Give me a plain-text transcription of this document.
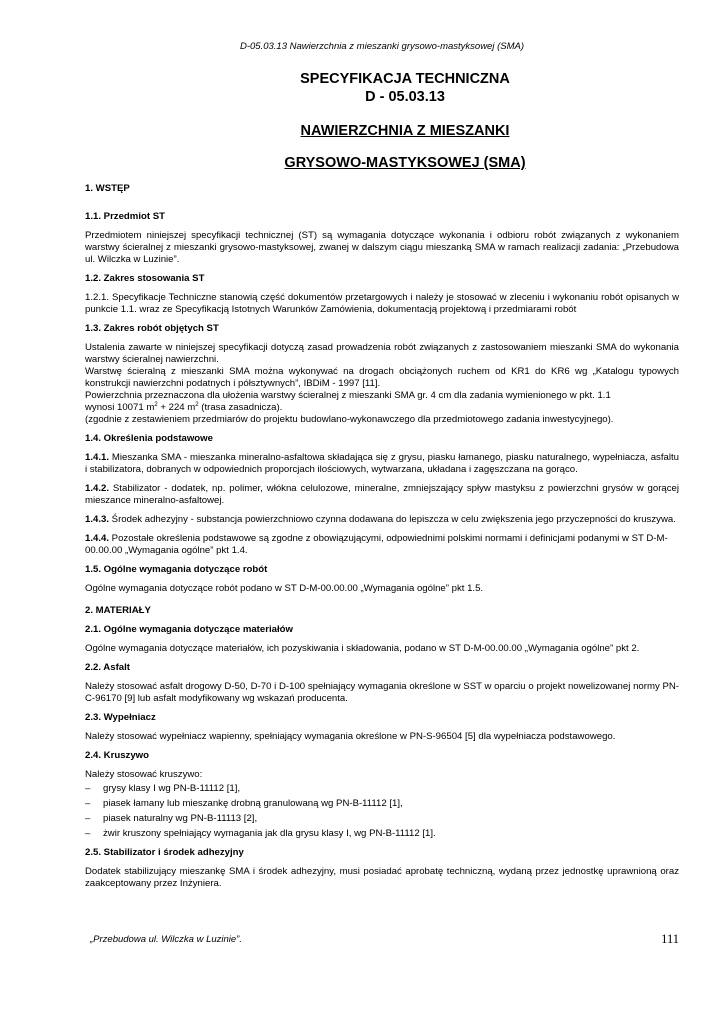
D-05.03.13 Nawierzchnia z mieszanki grysowo-mastyksowej (SMA)
SPECYFIKACJA TECHNICZNA
D - 05.03.13
NAWIERZCHNIA Z MIESZANKI
GRYSOWO-MASTYKSOWEJ (SMA)

1. WSTĘP

1.1. Przedmiot ST

Przedmiotem niniejszej specyfikacji technicznej (ST) są wymagania dotyczące wykonania i odbioru robót związanych z wykonaniem warstwy ścieralnej z mieszanki grysowo-mastyksowej, zwanej w dalszym ciągu mieszanką SMA w ramach realizacji zadania: „Przebudowa ul. Wilczka w Luzinie”.

1.2. Zakres stosowania ST

1.2.1. Specyfikacje Techniczne stanowią część dokumentów przetargowych i należy je stosować w zleceniu i wykonaniu robót opisanych w punkcie 1.1. wraz ze Specyfikacją Istotnych Warunków Zamówienia, dokumentacją projektową i przedmiarami robót

1.3. Zakres robót objętych ST

Ustalenia zawarte w niniejszej specyfikacji dotyczą zasad prowadzenia robót związanych z zastosowaniem mieszanki SMA do wykonania warstwy ścieralnej nawierzchni.

Warstwę ścieralną z mieszanki SMA można wykonywać na drogach obciążonych ruchem od KR1 do KR6 wg „Katalogu typowych konstrukcji nawierzchni podatnych i półsztywnych”, IBDiM - 1997 [11].

Powierzchnia przeznaczona dla ułożenia warstwy ścieralnej z mieszanki SMA gr. 4 cm dla zadania wymienionego w pkt. 1.1

wynosi 10071 $m^2 + 224$ $m^2$ (trasa zasadnicza).

(zgodnie z zestawieniem przedmiarów do projektu budowlano-wykonawczego dla przedmiotowego zadania inwestycyjnego).

1.4. Określenia podstawowe

1.4.1. Mieszanka SMA - mieszanka mineralno-asfaltowa składająca się z grysu, piasku łamanego, piasku naturalnego, wypełniacza, asfaltu i stabilizatora, dobranych w odpowiednich proporcjach ilościowych, wytwarzana, układana i zagęszczana na gorąco.

1.4.2. Stabilizator - dodatek, np. polimer, włókna celulozowe, mineralne, zmniejszający spływ mastyksu z powierzchni grysów w gorącej mieszance mineralno-asfaltowej.

1.4.3. Środek adhezyjny - substancja powierzchniowo czynna dodawana do lepiszcza w celu zwiększenia jego przyczepności do kruszywa.

1.4.4. Pozostałe określenia podstawowe są zgodne z obowiązującymi, odpowiednimi polskimi normami i definicjami podanymi w ST D-M-00.00.00 „Wymagania ogólne” pkt 1.4.

1.5. Ogólne wymagania dotyczące robót

Ogólne wymagania dotyczące robót podano w ST D-M-00.00.00 „Wymagania ogólne” pkt 1.5.

2. MATERIAŁY

2.1. Ogólne wymagania dotyczące materiałów

Ogólne wymagania dotyczące materiałów, ich pozyskiwania i składowania, podano w ST D-M-00.00.00 „Wymagania ogólne” pkt 2.

2.2. Asfalt

Należy stosować asfalt drogowy D-50, D-70 i D-100 spełniający wymagania określone w SST w oparciu o projekt nowelizowanej normy PN-C-96170 [9] lub asfalt modyfikowany wg wskazań producenta.

2.3. Wypełniacz

Należy stosować wypełniacz wapienny, spełniający wymagania określone w PN-S-96504 [5] dla wypełniacza podstawowego.

2.4. Kruszywo

Należy stosować kruszywo:

– grysy klasy I wg PN-B-11112 [1],

– piasek łamany lub mieszankę drobną granulowaną wg PN-B-11112 [1],

– piasek naturalny wg PN-B-11113 [2],

– żwir kruszony spełniający wymagania jak dla grysu klasy I, wg PN-B-11112 [1].

2.5. Stabilizator i środek adhezyjny

Dodatek stabilizujący mieszankę SMA i środek adhezyjny, musi posiadać aprobatę techniczną, wydaną przez jednostkę uprawnioną oraz zaakceptowany przez Inżyniera.

„Przebudowa ul. Wilczka w Luzinie”.	111
